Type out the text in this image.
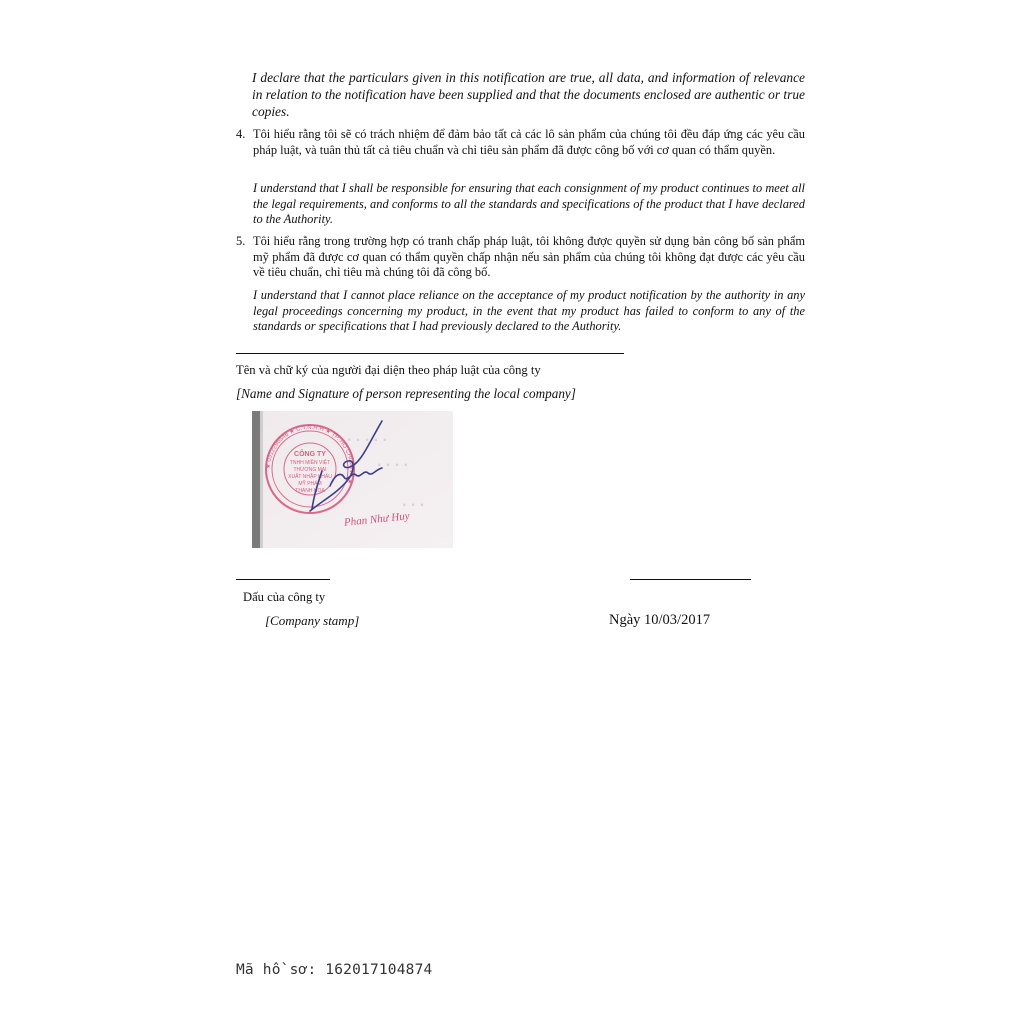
I declare that the particulars given in this notification are true, all data, and information of relevance in relation to the notification have been supplied and that the documents enclosed are authentic or true copies.
4. Tôi hiểu rằng tôi sẽ có trách nhiệm để đảm bảo tất cả các lô sản phẩm của chúng tôi đều đáp ứng các yêu cầu pháp luật, và tuân thủ tất cả tiêu chuẩn và chỉ tiêu sản phẩm đã được công bố với cơ quan có thẩm quyền.
I understand that I shall be responsible for ensuring that each consignment of my product continues to meet all the legal requirements, and conforms to all the standards and specifications of the product that I have declared to the Authority.
5. Tôi hiểu rằng trong trường hợp có tranh chấp pháp luật, tôi không được quyền sử dụng bản công bố sản phẩm mỹ phẩm đã được cơ quan có thẩm quyền chấp nhận nếu sản phẩm của chúng tôi không đạt được các yêu cầu về tiêu chuẩn, chỉ tiêu mà chúng tôi đã công bố.
I understand that I cannot place reliance on the acceptance of my product notification by the authority in any legal proceedings concerning my product, in the event that my product has failed to conform to any of the standards or specifications that I had previously declared to the Authority.
Tên và chữ ký của người đại diện theo pháp luật của công ty
[Name and Signature of person representing the local company]
. . . . .
. . . .
. . .
★ 0312296546 ★ C.T.N.H.H ★ TP. HỒ CHÍ MINH ★
CÔNG TY
TNHH MIỀN VIỆT
THƯƠNG MẠI
XUẤT NHẬP KHẨU
MỸ PHẨM
THANH HOA
Phan Như Huy
Dấu của công ty
[Company stamp]	Ngày 10/03/2017
Mã hồ sơ: 162017104874
